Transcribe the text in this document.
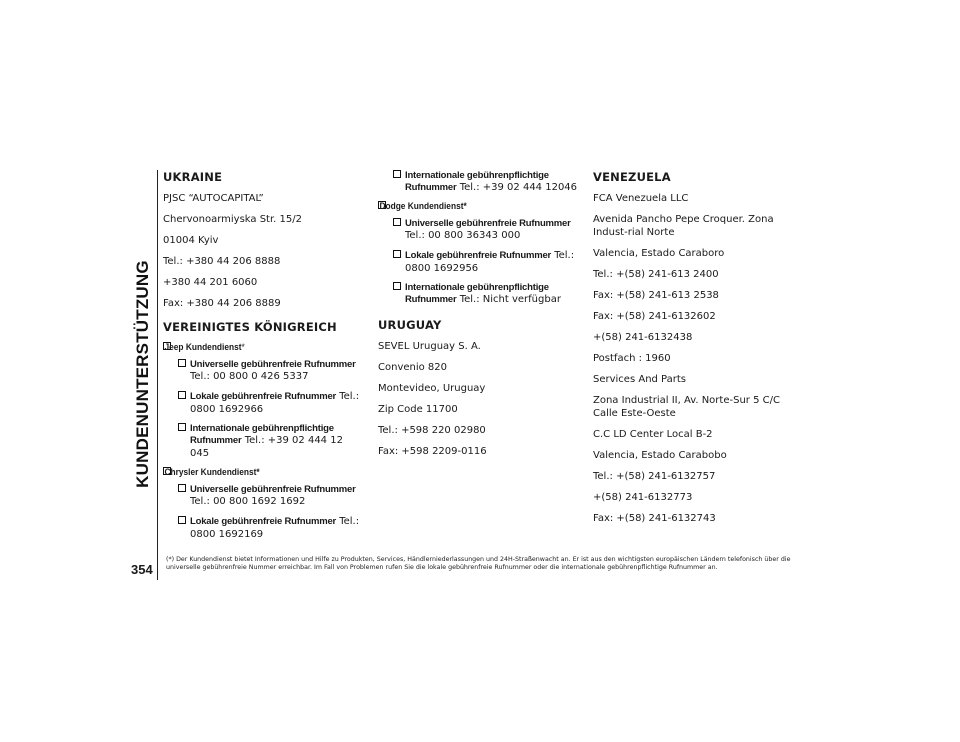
KUNDENUNTERSTÜTZUNG
354
UKRAINE

PJSC “AUTOCAPITAL”

Chervonoarmiyska Str. 15/2

01004 Kyiv

Tel.: +380 44 206 8888

+380 44 201 6060

Fax: +380 44 206 8889

VEREINIGTES KÖNIGREICH
Jeep Kundendienst*
Universelle gebührenfreie Rufnummer Tel.: 00 800 0 426 5337
Lokale gebührenfreie Rufnummer Tel.: 0800 1692966
Internationale gebührenpflichtige Rufnummer Tel.: +39 02 444 12 045
Chrysler Kundendienst*
Universelle gebührenfreie Rufnummer Tel.: 00 800 1692 1692
Lokale gebührenfreie Rufnummer Tel.: 0800 1692169
Internationale gebührenpflichtige Rufnummer Tel.: +39 02 444 12046
Dodge Kundendienst*
Universelle gebührenfreie Rufnummer Tel.: 00 800 36343 000
Lokale gebührenfreie Rufnummer Tel.: 0800 1692956
Internationale gebührenpflichtige Rufnummer Tel.: Nicht verfügbar
URUGUAY

SEVEL Uruguay S. A.

Convenio 820

Montevideo, Uruguay

Zip Code 11700

Tel.: +598 220 02980

Fax: +598 2209-0116

VENEZUELA

FCA Venezuela LLC

Avenida Pancho Pepe Croquer. Zona Indust-rial Norte

Valencia, Estado Caraboro

Tel.: +(58) 241-613 2400

Fax: +(58) 241-613 2538

Fax: +(58) 241-6132602

+(58) 241-6132438

Postfach : 1960

Services And Parts

Zona Industrial II, Av. Norte-Sur 5 C/C Calle Este-Oeste

C.C LD Center Local B-2

Valencia, Estado Carabobo

Tel.: +(58) 241-6132757

+(58) 241-6132773

Fax: +(58) 241-6132743

(*) Der Kundendienst bietet Informationen und Hilfe zu Produkten, Services, Händlerniederlassungen und 24H-Straßenwacht an. Er ist aus den wichtigsten europäischen Ländern telefonisch über die universelle gebührenfreie Nummer erreichbar. Im Fall von Problemen rufen Sie die lokale gebührenfreie Rufnummer oder die internationale gebührenpflichtige Rufnummer an.
